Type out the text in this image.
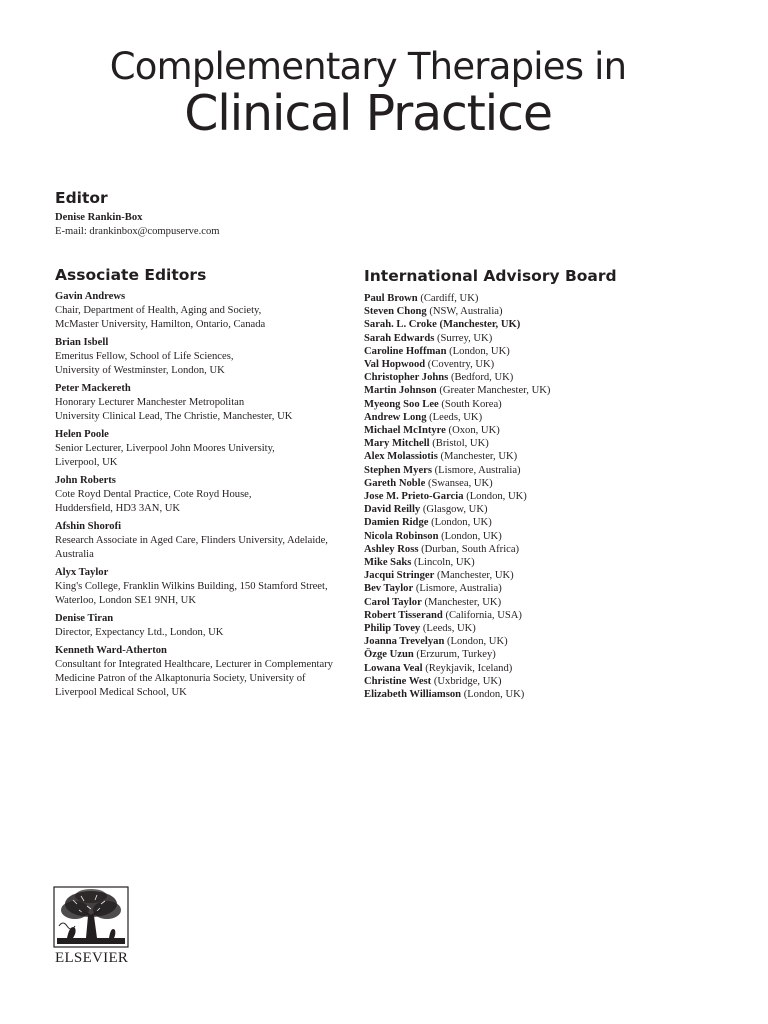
Complementary Therapies in
Clinical Practice
Editor
Denise Rankin-Box
E-mail: drankinbox@compuserve.com
Associate Editors
Gavin Andrews
Chair, Department of Health, Aging and Society,
McMaster University, Hamilton, Ontario, Canada
Brian Isbell
Emeritus Fellow, School of Life Sciences,
University of Westminster, London, UK
Peter Mackereth
Honorary Lecturer Manchester Metropolitan
University Clinical Lead, The Christie, Manchester, UK
Helen Poole
Senior Lecturer, Liverpool John Moores University,
Liverpool, UK
John Roberts
Cote Royd Dental Practice, Cote Royd House,
Huddersfield, HD3 3AN, UK
Afshin Shorofi
Research Associate in Aged Care, Flinders University, Adelaide,
Australia
Alyx Taylor
King's College, Franklin Wilkins Building, 150 Stamford Street,
Waterloo, London SE1 9NH, UK
Denise Tiran
Director, Expectancy Ltd., London, UK
Kenneth Ward-Atherton
Consultant for Integrated Healthcare, Lecturer in Complementary
Medicine Patron of the Alkaptonuria Society, University of
Liverpool Medical School, UK
International Advisory Board
Paul Brown (Cardiff, UK)
Steven Chong (NSW, Australia)
Sarah. L. Croke (Manchester, UK)
Sarah Edwards (Surrey, UK)
Caroline Hoffman (London, UK)
Val Hopwood (Coventry, UK)
Christopher Johns (Bedford, UK)
Martin Johnson (Greater Manchester, UK)
Myeong Soo Lee (South Korea)
Andrew Long (Leeds, UK)
Michael McIntyre (Oxon, UK)
Mary Mitchell (Bristol, UK)
Alex Molassiotis (Manchester, UK)
Stephen Myers (Lismore, Australia)
Gareth Noble (Swansea, UK)
Jose M. Prieto-Garcia (London, UK)
David Reilly (Glasgow, UK)
Damien Ridge (London, UK)
Nicola Robinson (London, UK)
Ashley Ross (Durban, South Africa)
Mike Saks (Lincoln, UK)
Jacqui Stringer (Manchester, UK)
Bev Taylor (Lismore, Australia)
Carol Taylor (Manchester, UK)
Robert Tisserand (California, USA)
Philip Tovey (Leeds, UK)
Joanna Trevelyan (London, UK)
Özge Uzun (Erzurum, Turkey)
Lowana Veal (Reykjavik, Iceland)
Christine West (Uxbridge, UK)
Elizabeth Williamson (London, UK)
ELSEVIER
